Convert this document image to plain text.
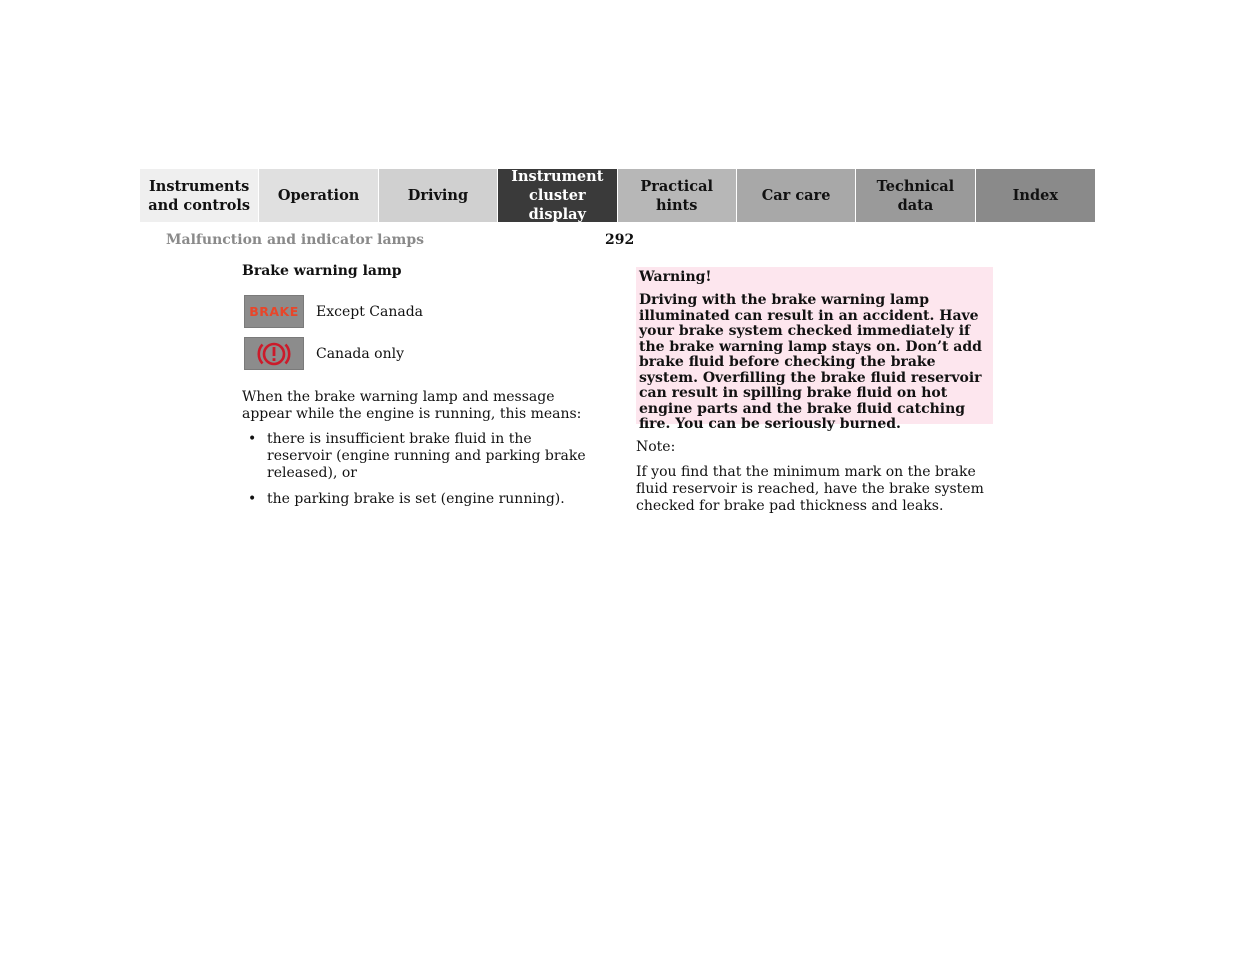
Instruments
and controls
Operation	Driving
Instrument
cluster display
Practical hints
Car care
Technical
data
Index
Malfunction and indicator lamps	292
Brake warning lamp
BRAKE Except Canada
Canada only
When the brake warning lamp and message appear while the engine is running, this means:
• there is insufficient brake fluid in the reservoir (engine running and parking brake released), or
• the parking brake is set (engine running).

Warning!

Driving with the brake warning lamp illuminated can result in an accident. Have your brake system checked immediately if the brake warning lamp stays on. Don’t add brake fluid before checking the brake system. Overfilling the brake fluid reservoir can result in spilling brake fluid on hot engine parts and the brake fluid catching fire. You can be seriously burned.

Note:
If you find that the minimum mark on the brake fluid reservoir is reached, have the brake system checked for brake pad thickness and leaks.
